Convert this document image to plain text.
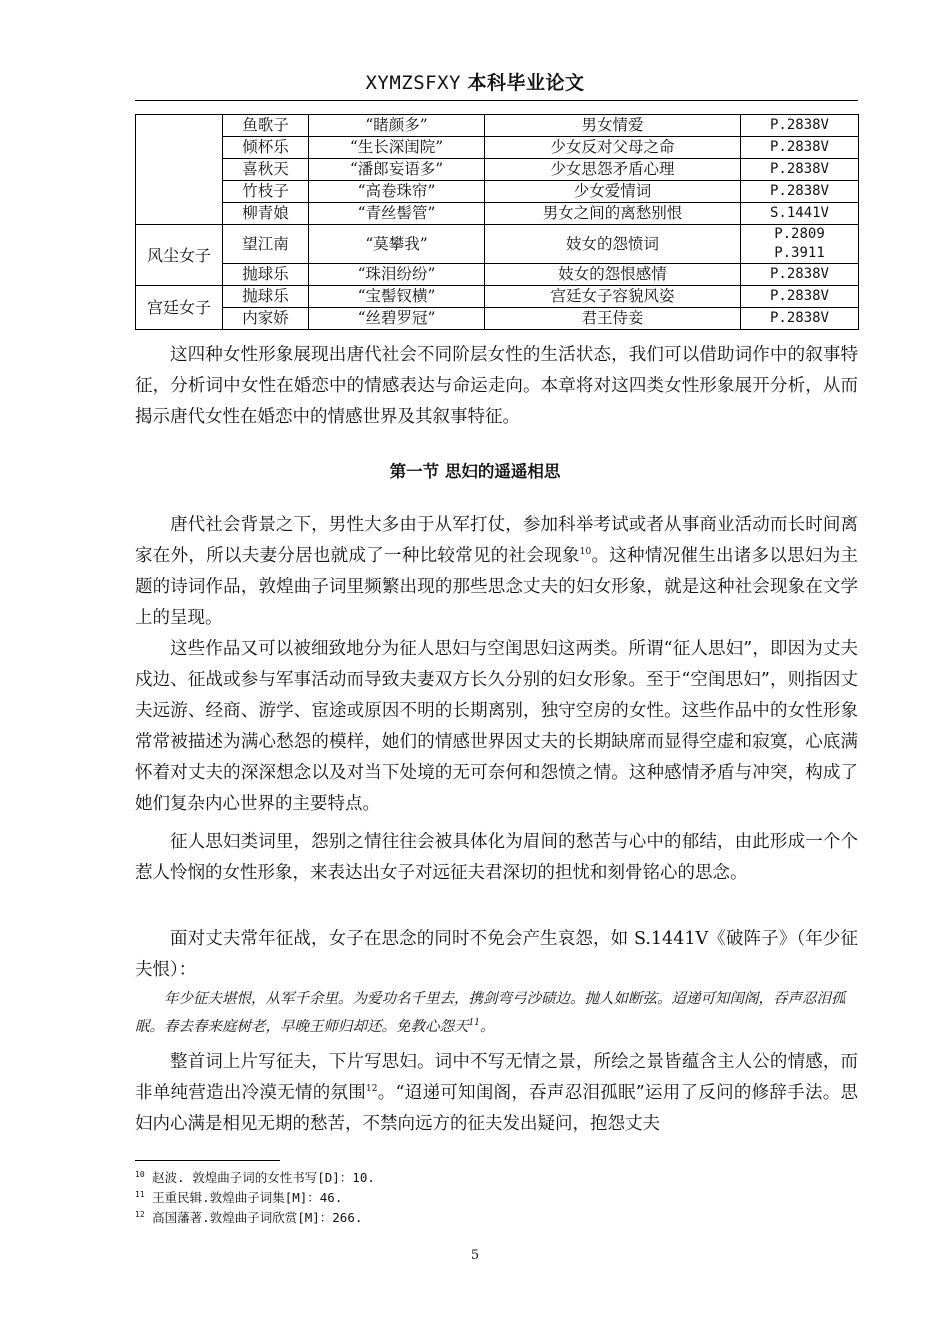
XYMZSFXY 本科毕业论文
	鱼歌子	“睹颜多”	男女情爱	P.2838V
	倾杯乐	“生长深闺院”	少女反对父母之命	P.2838V
	喜秋天	“潘郎妄语多”	少女思怨矛盾心理	P.2838V
	竹枝子	“高卷珠帘”	少女爱情词	P.2838V
	柳青娘	“青丝髻管”	男女之间的离愁别恨	S.1441V
风尘女子	望江南	“莫攀我”	妓女的怨愤词	P.2809
P.3911

	抛球乐	“珠泪纷纷”	妓女的怨恨感情	P.2838V
宫廷女子	抛球乐	“宝髻钗横”	宫廷女子容貌风姿	P.2838V
	内家娇	“丝碧罗冠”	君王侍妾	P.2838V
这四种女性形象展现出唐代社会不同阶层女性的生活状态，我们可以借助词作中的叙事特征，分析词中女性在婚恋中的情感表达与命运走向。本章将对这四类女性形象展开分析，从而揭示唐代女性在婚恋中的情感世界及其叙事特征。
第一节 思妇的遥遥相思
唐代社会背景之下，男性大多由于从军打仗，参加科举考试或者从事商业活动而长时间离家在外，所以夫妻分居也就成了一种比较常见的社会现象$^{10}$。这种情况催生出诸多以思妇为主题的诗词作品，敦煌曲子词里频繁出现的那些思念丈夫的妇女形象，就是这种社会现象在文学上的呈现。
这些作品又可以被细致地分为征人思妇与空闺思妇这两类。所谓“征人思妇”，即因为丈夫戍边、征战或参与军事活动而导致夫妻双方长久分别的妇女形象。至于“空闺思妇”，则指因丈夫远游、经商、游学、宦途或原因不明的长期离别，独守空房的女性。这些作品中的女性形象常常被描述为满心愁怨的模样，她们的情感世界因丈夫的长期缺席而显得空虚和寂寞，心底满怀着对丈夫的深深想念以及对当下处境的无可奈何和怨愤之情。这种感情矛盾与冲突，构成了她们复杂内心世界的主要特点。
征人思妇类词里，怨别之情往往会被具体化为眉间的愁苦与心中的郁结，由此形成一个个惹人怜悯的女性形象，来表达出女子对远征夫君深切的担忧和刻骨铭心的思念。
面对丈夫常年征战，女子在思念的同时不免会产生哀怨，如 S.1441V《破阵子》（年少征夫恨）：
年少征夫堪恨，从军千余里。为爱功名千里去，携剑弯弓沙碛边。抛人如断弦。迢递可知闺阁，吞声忍泪孤眠。春去春来庭树老，早晚王师归却还。免教心怨天$^{11}$。
整首词上片写征夫，下片写思妇。词中不写无情之景，所绘之景皆蕴含主人公的情感，而非单纯营造出冷漠无情的氛围$^{12}$。“迢递可知闺阁，吞声忍泪孤眠”运用了反问的修辞手法。思妇内心满是相见无期的愁苦，不禁向远方的征夫发出疑问，抱怨丈夫
$^{10}$ 赵波. 敦煌曲子词的女性书写[D]：10.
$^{11}$ 王重民辑.敦煌曲子词集[M]：46.
$^{12}$ 高国藩著.敦煌曲子词欣赏[M]：266.
5
